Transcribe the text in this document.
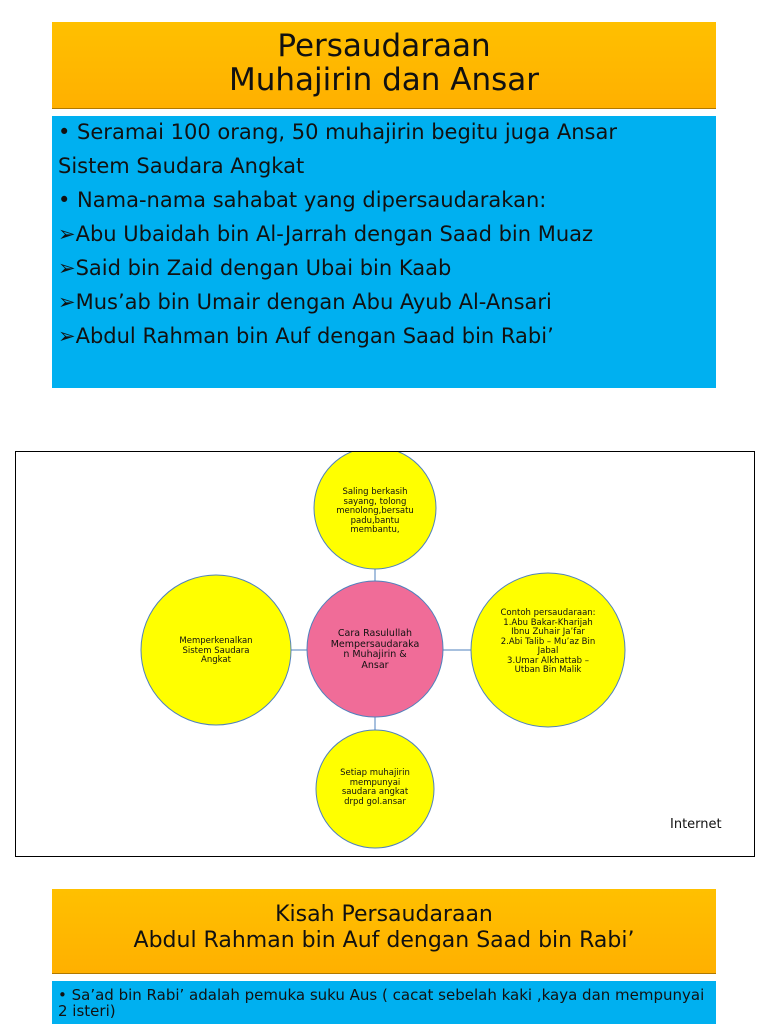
Persaudaraan
Muhajirin dan Ansar
• Seramai 100 orang, 50 muhajirin begitu juga Ansar
Sistem Saudara Angkat
• Nama-nama sahabat yang dipersaudarakan:
➢Abu Ubaidah bin Al-Jarrah dengan Saad bin Muaz
➢Said bin Zaid dengan Ubai bin Kaab
➢Mus’ab bin Umair dengan Abu Ayub Al-Ansari
➢Abdul Rahman bin Auf dengan Saad bin Rabi’
Saling berkasih
sayang, tolong
menolong,bersatu
padu,bantu
membantu,
Memperkenalkan
Sistem Saudara
Angkat
Cara Rasulullah
Mempersaudaraka
n Muhajirin &
Ansar
Contoh persaudaraan:
1.Abu Bakar-Kharijah
Ibnu Zuhair Ja’far
2.Abi Talib – Mu’az Bin
Jabal
3.Umar Alkhattab –
Utban Bin Malik
Setiap muhajirin
mempunyai
saudara angkat
drpd gol.ansar
Internet
Kisah Persaudaraan
Abdul Rahman bin Auf dengan Saad bin Rabi’
• Sa’ad bin Rabi’ adalah pemuka suku Aus ( cacat sebelah kaki ,kaya dan mempunyai 2 isteri)
